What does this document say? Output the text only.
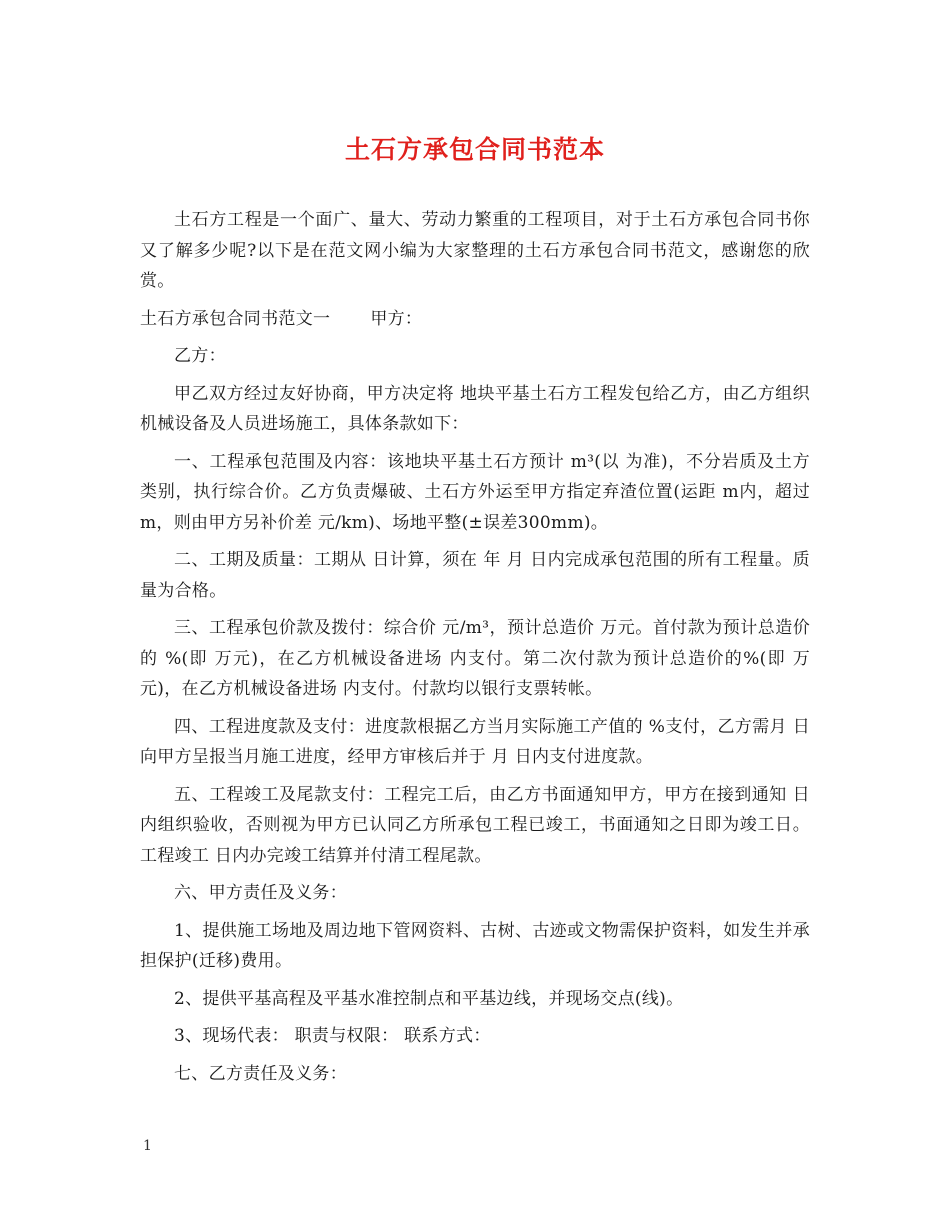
土石方承包合同书范本

土石方工程是一个面广、量大、劳动力繁重的工程项目，对于土石方承包合同书你又了解多少呢?以下是在范文网小编为大家整理的土石方承包合同书范文，感谢您的欣赏。

土石方承包合同书范文一 甲方：

乙方：

甲乙双方经过友好协商，甲方决定将 地块平基土石方工程发包给乙方，由乙方组织机械设备及人员进场施工，具体条款如下：

一、工程承包范围及内容：该地块平基土石方预计 m³(以 为准)，不分岩质及土方类别，执行综合价。乙方负责爆破、土石方外运至甲方指定弃渣位置(运距 m内，超过 m，则由甲方另补价差 元/km)、场地平整(±误差300mm)。

二、工期及质量：工期从 日计算，须在 年 月 日内完成承包范围的所有工程量。质量为合格。

三、工程承包价款及拨付：综合价 元/m³，预计总造价 万元。首付款为预计总造价的 %(即 万元)，在乙方机械设备进场 内支付。第二次付款为预计总造价的%(即 万元)，在乙方机械设备进场 内支付。付款均以银行支票转帐。

四、工程进度款及支付：进度款根据乙方当月实际施工产值的 %支付，乙方需月 日向甲方呈报当月施工进度，经甲方审核后并于 月 日内支付进度款。

五、工程竣工及尾款支付：工程完工后，由乙方书面通知甲方，甲方在接到通知 日内组织验收，否则视为甲方已认同乙方所承包工程已竣工，书面通知之日即为竣工日。工程竣工 日内办完竣工结算并付清工程尾款。

六、甲方责任及义务：

1、提供施工场地及周边地下管网资料、古树、古迹或文物需保护资料，如发生并承担保护(迁移)费用。

2、提供平基高程及平基水准控制点和平基边线，并现场交点(线)。

3、现场代表： 职责与权限： 联系方式：

七、乙方责任及义务：

1
